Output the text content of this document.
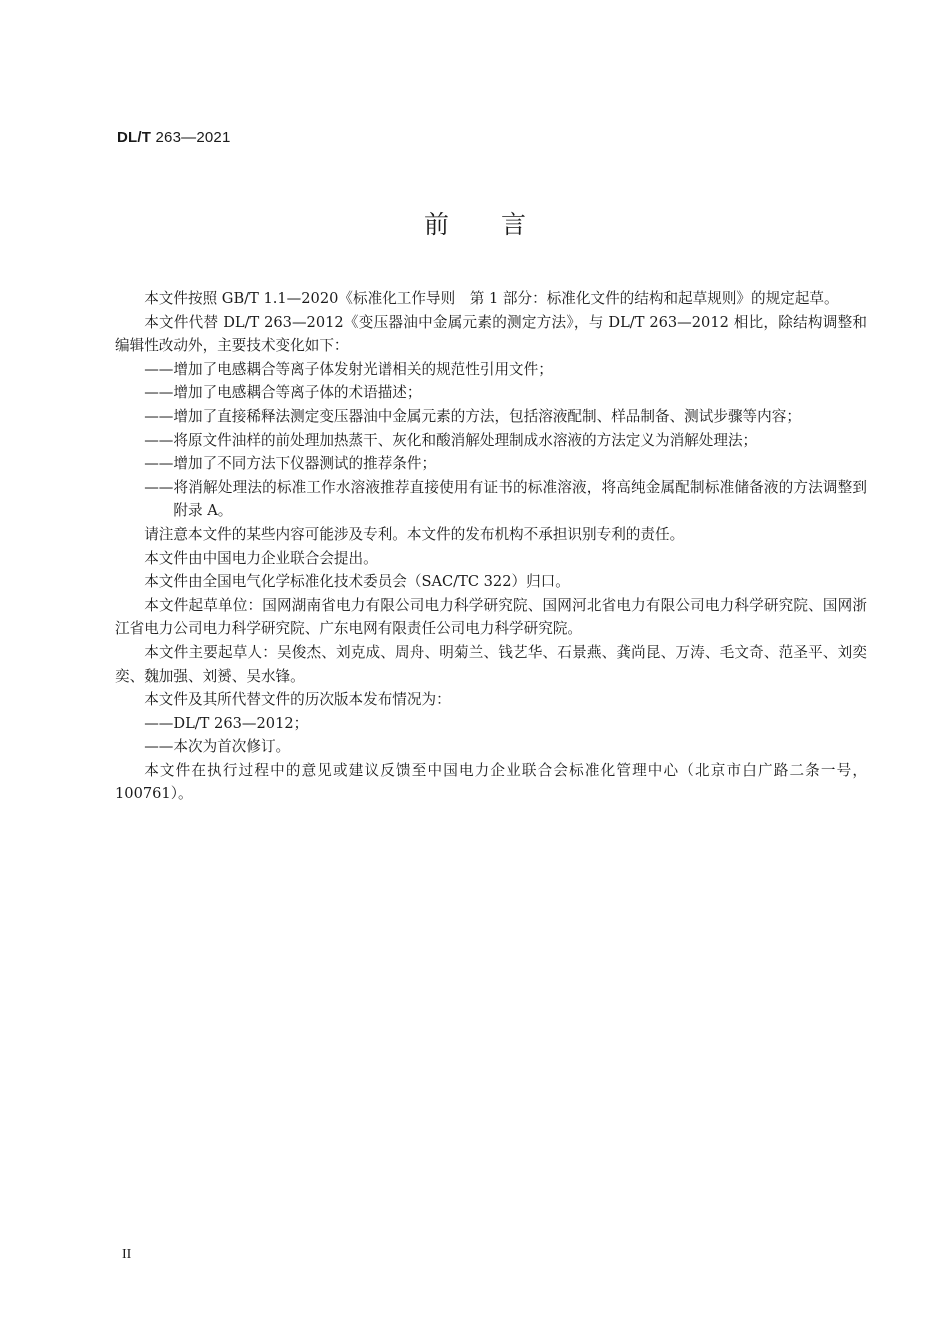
DL/T 263—2021
前言

本文件按照 GB/T 1.1—2020《标准化工作导则　第 1 部分：标准化文件的结构和起草规则》的规定起草。

本文件代替 DL/T 263—2012《变压器油中金属元素的测定方法》，与 DL/T 263—2012 相比，除结构调整和编辑性改动外，主要技术变化如下：

——增加了电感耦合等离子体发射光谱相关的规范性引用文件；

——增加了电感耦合等离子体的术语描述；

——增加了直接稀释法测定变压器油中金属元素的方法，包括溶液配制、样品制备、测试步骤等内容；

——将原文件油样的前处理加热蒸干、灰化和酸消解处理制成水溶液的方法定义为消解处理法；

——增加了不同方法下仪器测试的推荐条件；

——将消解处理法的标准工作水溶液推荐直接使用有证书的标准溶液，将高纯金属配制标准储备液的方法调整到附录 A。

请注意本文件的某些内容可能涉及专利。本文件的发布机构不承担识别专利的责任。

本文件由中国电力企业联合会提出。

本文件由全国电气化学标准化技术委员会（SAC/TC 322）归口。

本文件起草单位：国网湖南省电力有限公司电力科学研究院、国网河北省电力有限公司电力科学研究院、国网浙江省电力公司电力科学研究院、广东电网有限责任公司电力科学研究院。

本文件主要起草人：吴俊杰、刘克成、周舟、明菊兰、钱艺华、石景燕、龚尚昆、万涛、毛文奇、范圣平、刘奕奕、魏加强、刘赟、吴水锋。

本文件及其所代替文件的历次版本发布情况为：

——DL/T 263—2012；

——本次为首次修订。

本文件在执行过程中的意见或建议反馈至中国电力企业联合会标准化管理中心（北京市白广路二条一号，100761）。

II
